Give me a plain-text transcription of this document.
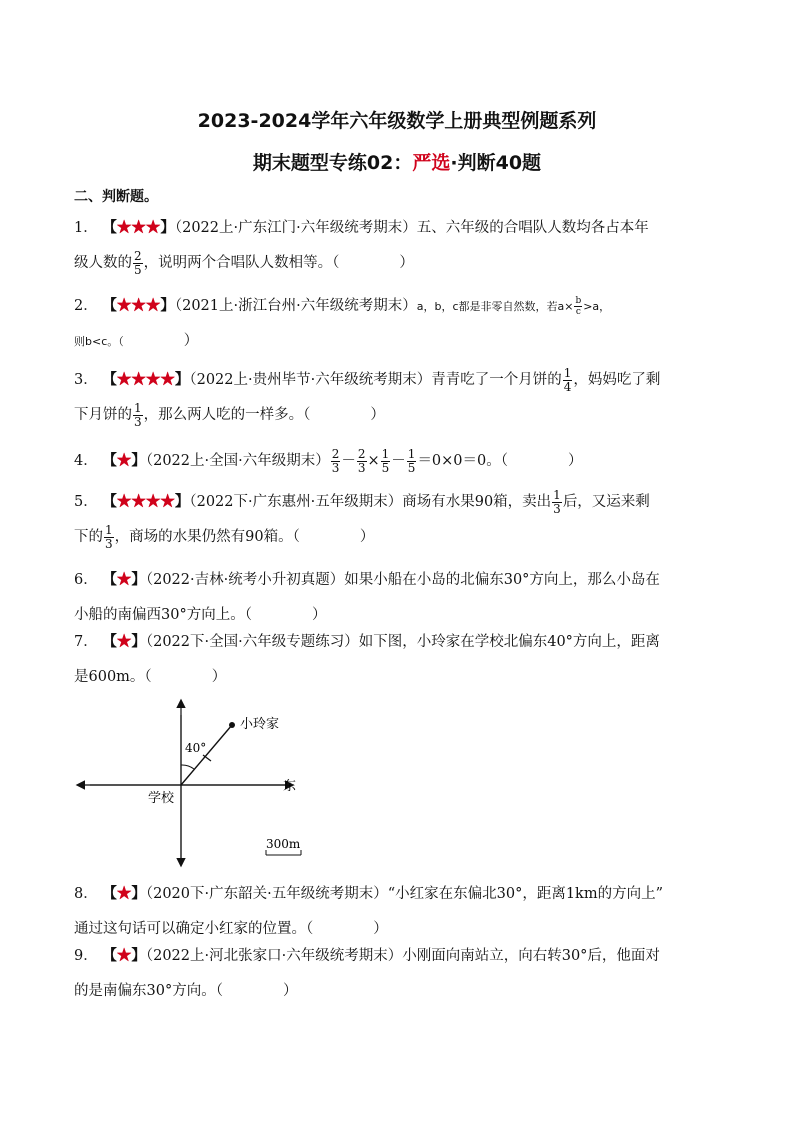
2023-2024学年六年级数学上册典型例题系列
期末题型专练02：严选·判断40题
二、判断题。
1． 【★★★】（2022上·广东江门·六年级统考期末）五、六年级的合唱队人数均各占本年
级人数的 $\frac{2}{5}$ ，说明两个合唱队人数相等。（	）
2． 【★★★】（2021上·浙江台州·六年级统考期末）a，b，c都是非零自然数，若$a\times \frac{b}{c} >a$，
则b<c。（	）
3． 【★★★★】（2022上·贵州毕节·六年级统考期末）青青吃了一个月饼的 $\frac{1}{4}$ ，妈妈吃了剩
下月饼的 $\frac{1}{3}$ ，那么两人吃的一样多。（	）
4． 【★】（2022上·全国·六年级期末） $\frac{2}{3} - \frac{2}{3} \times \frac{1}{5} - \frac{1}{5} =0\times 0=0$。（	）
5． 【★★★★】（2022下·广东惠州·五年级期末）商场有水果90箱，卖出 $\frac{1}{3}$ 后，又运来剩
下的 $\frac{1}{3}$ ，商场的水果仍然有90箱。（	）
6． 【★】（2022·吉林·统考小升初真题）如果小船在小岛的北偏东30°方向上，那么小岛在
小船的南偏西30°方向上。（	）
7． 【★】（2022下·全国·六年级专题练习）如下图，小玲家在学校北偏东40°方向上，距离
是600m。（	）
40°
小玲家
学校
东
300m
8． 【★】（2020下·广东韶关·五年级统考期末）“小红家在东偏北30°，距离1km的方向上”
通过这句话可以确定小红家的位置。（	）
9． 【★】（2022上·河北张家口·六年级统考期末）小刚面向南站立，向右转30°后，他面对
的是南偏东30°方向。（	）
